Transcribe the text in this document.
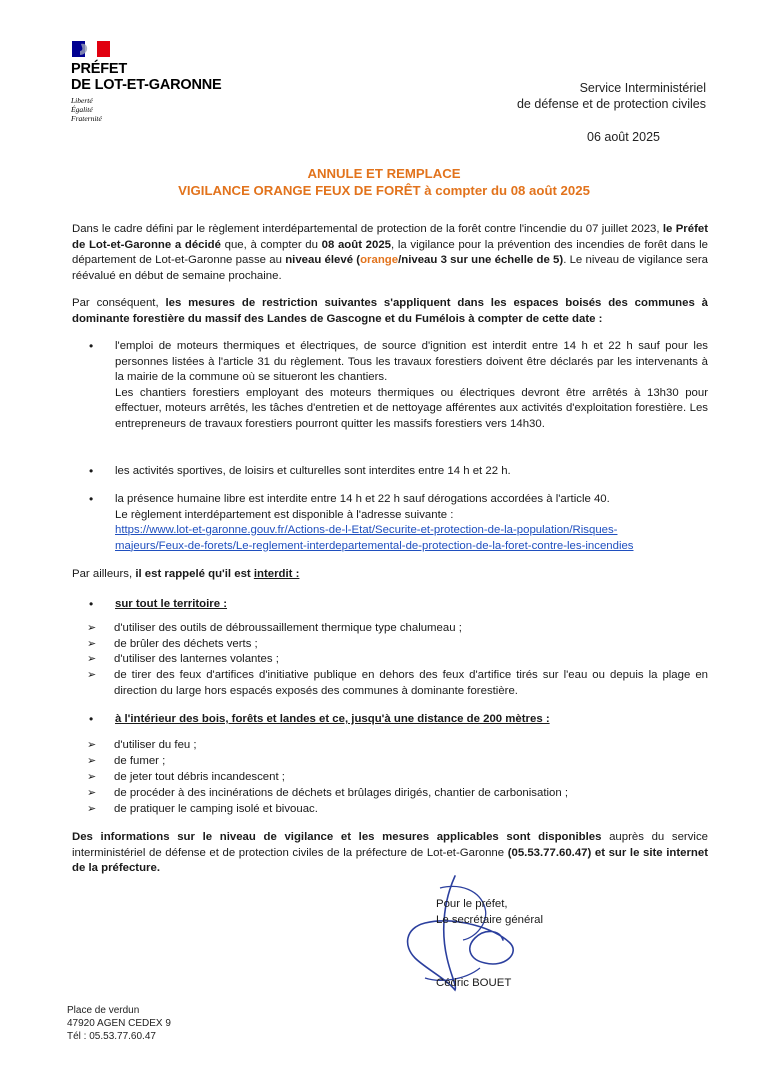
PRÉFET
DE LOT-ET-GARONNE
Liberté
Égalité
Fraternité
Service Interministériel
de défense et de protection civiles
06 août 2025
ANNULE ET REMPLACE
VIGILANCE ORANGE FEUX DE FORÊT à compter du 08 août 2025
Dans le cadre défini par le règlement interdépartemental de protection de la forêt contre l'incendie du 07 juillet 2023, le Préfet de Lot-et-Garonne a décidé que, à compter du 08 août 2025, la vigilance pour la prévention des incendies de forêt dans le département de Lot-et-Garonne passe au niveau élevé (orange/niveau 3 sur une échelle de 5). Le niveau de vigilance sera réévalué en début de semaine prochaine.
Par conséquent, les mesures de restriction suivantes s'appliquent dans les espaces boisés des communes à dominante forestière du massif des Landes de Gascogne et du Fumélois à compter de cette date :
• l'emploi de moteurs thermiques et électriques, de source d'ignition est interdit entre 14 h et 22 h sauf pour les personnes listées à l'article 31 du règlement. Tous les travaux forestiers doivent être déclarés par les intervenants à la mairie de la commune où se situeront les chantiers.
Les chantiers forestiers employant des moteurs thermiques ou électriques devront être arrêtés à 13h30 pour effectuer, moteurs arrêtés, les tâches d'entretien et de nettoyage afférentes aux activités d'exploitation forestière. Les entrepreneurs de travaux forestiers pourront quitter les massifs forestiers vers 14h30.
• les activités sportives, de loisirs et culturelles sont interdites entre 14 h et 22 h.
• la présence humaine libre est interdite entre 14 h et 22 h sauf dérogations accordées à l'article 40.
Le règlement interdépartement est disponible à l'adresse suivante :
https://www.lot-et-garonne.gouv.fr/Actions-de-l-Etat/Securite-et-protection-de-la-population/Risques-
majeurs/Feux-de-forets/Le-reglement-interdepartemental-de-protection-de-la-foret-contre-les-incendies
Par ailleurs, il est rappelé qu'il est interdit :
• sur tout le territoire :
➢ d'utiliser des outils de débroussaillement thermique type chalumeau ;
➢ de brûler des déchets verts ;
➢ d'utiliser des lanternes volantes ;
➢ de tirer des feux d'artifices d'initiative publique en dehors des feux d'artifice tirés sur l'eau ou depuis la plage en direction du large hors espacés exposés des communes à dominante forestière.
• à l'intérieur des bois, forêts et landes et ce, jusqu'à une distance de 200 mètres :
➢ d'utiliser du feu ;
➢ de fumer ;
➢ de jeter tout débris incandescent ;
➢ de procéder à des incinérations de déchets et brûlages dirigés, chantier de carbonisation ;
➢ de pratiquer le camping isolé et bivouac.
Des informations sur le niveau de vigilance et les mesures applicables sont disponibles auprès du service interministériel de défense et de protection civiles de la préfecture de Lot-et-Garonne (05.53.77.60.47) et sur le site internet de la préfecture.
Pour le préfet,
Le secrétaire général
Cédric BOUET
Place de verdun
47920 AGEN CEDEX 9
Tél : 05.53.77.60.47
